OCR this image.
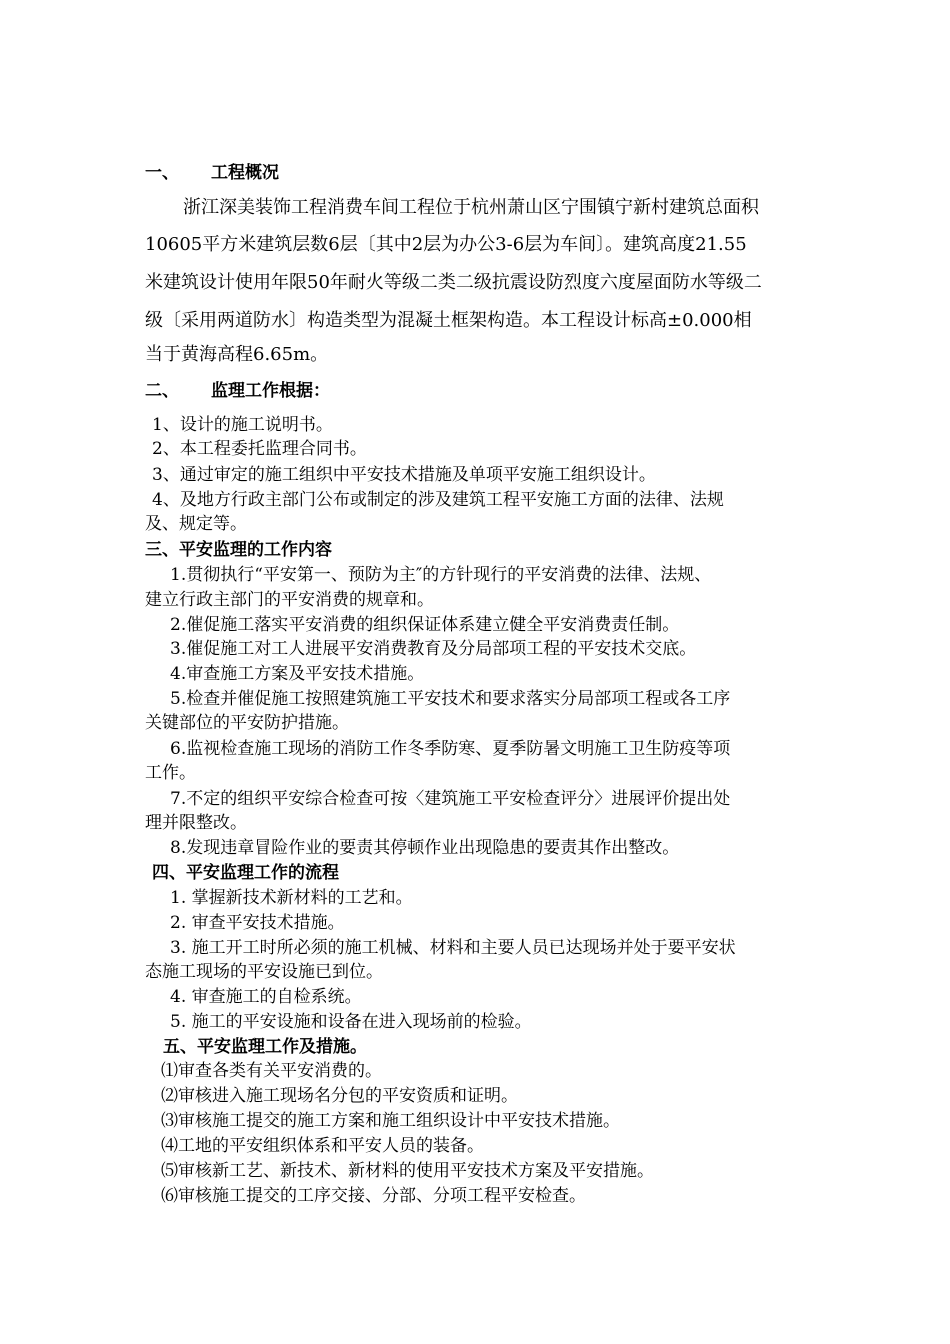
一、 工程概况
浙江深美装饰工程消费车间工程位于杭州萧山区宁围镇宁新村建筑总面积
10605平方米建筑层数6层〔其中2层为办公3-6层为车间〕。建筑高度21.55
米建筑设计使用年限50年耐火等级二类二级抗震设防烈度六度屋面防水等级二
级〔采用两道防水〕构造类型为混凝土框架构造。本工程设计标高±0.000相
当于黄海高程6.65m。
二、 监理工作根据：
1、设计的施工说明书。
2、本工程委托监理合同书。
3、通过审定的施工组织中平安技术措施及单项平安施工组织设计。
4、及地方行政主部门公布或制定的涉及建筑工程平安施工方面的法律、法规
及、规定等。
三、平安监理的工作内容
1.贯彻执行“平安第一、预防为主″的方针现行的平安消费的法律、法规、
建立行政主部门的平安消费的规章和。
2.催促施工落实平安消费的组织保证体系建立健全平安消费责任制。
3.催促施工对工人进展平安消费教育及分局部项工程的平安技术交底。
4.审查施工方案及平安技术措施。
5.检查并催促施工按照建筑施工平安技术和要求落实分局部项工程或各工序
关键部位的平安防护措施。
6.监视检查施工现场的消防工作冬季防寒、夏季防暑文明施工卫生防疫等项
工作。
7.不定的组织平安综合检查可按〈建筑施工平安检查评分〉进展评价提出处
理并限整改。
8.发现违章冒险作业的要责其停顿作业出现隐患的要责其作出整改。
四、平安监理工作的流程
1. 掌握新技术新材料的工艺和。
2. 审查平安技术措施。
3. 施工开工时所必须的施工机械、材料和主要人员已达现场并处于要平安状
态施工现场的平安设施已到位。
4. 审查施工的自检系统。
5. 施工的平安设施和设备在进入现场前的检验。
五、平安监理工作及措施。
⑴审查各类有关平安消费的。
⑵审核进入施工现场名分包的平安资质和证明。
⑶审核施工提交的施工方案和施工组织设计中平安技术措施。
⑷工地的平安组织体系和平安人员的装备。
⑸审核新工艺、新技术、新材料的使用平安技术方案及平安措施。
⑹审核施工提交的工序交接、分部、分项工程平安检查。
